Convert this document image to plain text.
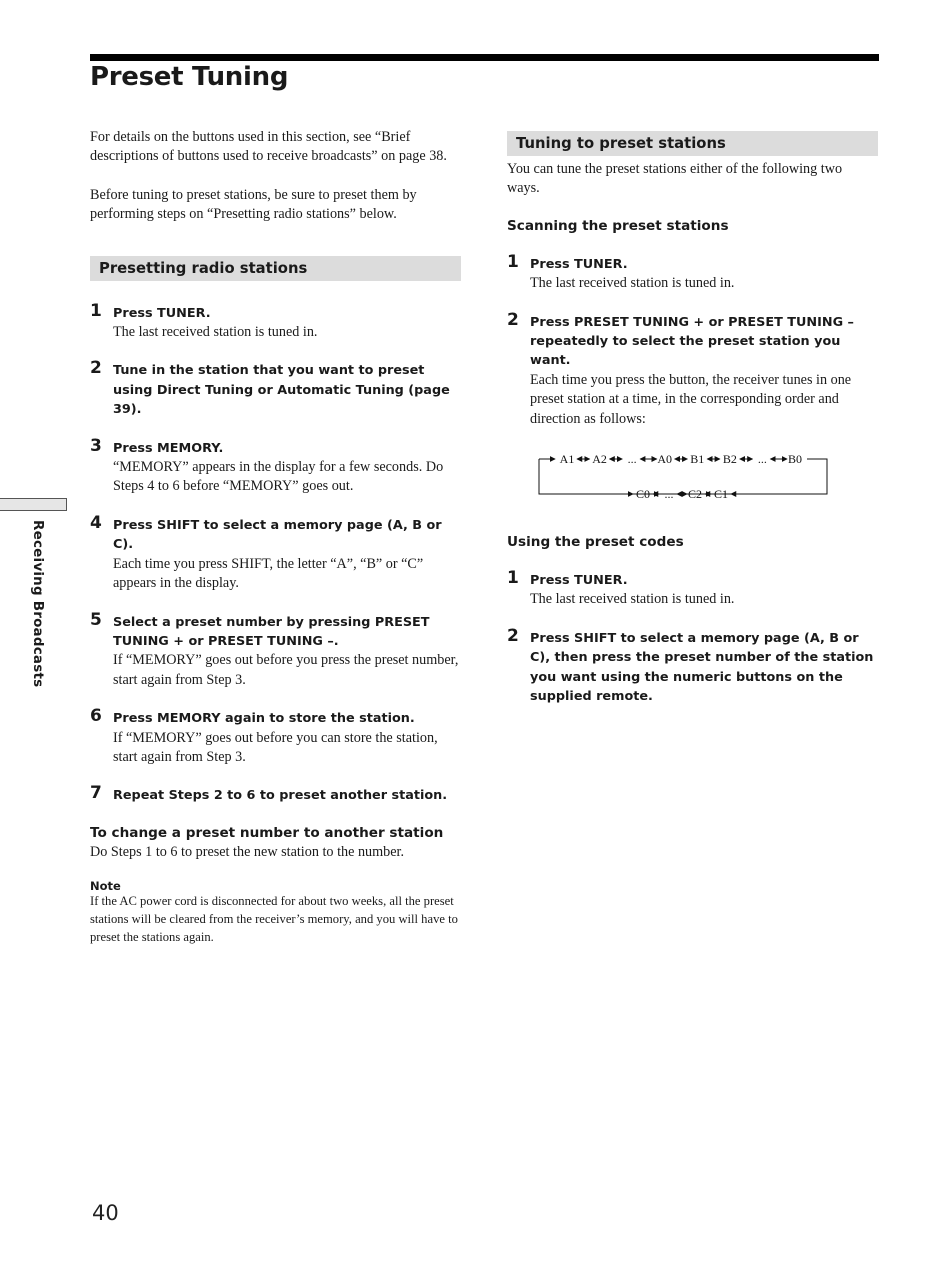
Preset Tuning

For details on the buttons used in this section, see “Brief descriptions of buttons used to receive broadcasts” on page 38.

Before tuning to preset stations, be sure to preset them by performing steps on “Presetting radio stations” below.

Presetting radio stations
1 Press TUNER.
The last received station is tuned in.
2 Tune in the station that you want to preset using Direct Tuning or Automatic Tuning (page 39).
3 Press MEMORY.
“MEMORY” appears in the display for a few seconds. Do Steps 4 to 6 before “MEMORY” goes out.
4 Press SHIFT to select a memory page (A, B or C).
Each time you press SHIFT, the letter “A”, “B” or “C” appears in the display.
5 Select a preset number by pressing PRESET TUNING + or PRESET TUNING –.
If “MEMORY” goes out before you press the preset number, start again from Step 3.
6 Press MEMORY again to store the station.
If “MEMORY” goes out before you can store the station, start again from Step 3.
7 Repeat Steps 2 to 6 to preset another station.
To change a preset number to another station

Do Steps 1 to 6 to preset the new station to the number.

Note
If the AC power cord is disconnected for about two weeks, all the preset stations will be cleared from the receiver’s memory, and you will have to preset the stations again.
Tuning to preset stations

You can tune the preset stations either of the following two ways.

Scanning the preset stations
1 Press TUNER.
The last received station is tuned in.
2 Press PRESET TUNING + or PRESET TUNING – repeatedly to select the preset station you want.
Each time you press the button, the receiver tunes in one preset station at a time, in the corresponding order and direction as follows:
A1 A2 ... A0 B1 B2 ... B0
C0 ... C2 C1
Using the preset codes
1 Press TUNER.
The last received station is tuned in.
2 Press SHIFT to select a memory page (A, B or C), then press the preset number of the station you want using the numeric buttons on the supplied remote.
Receiving Broadcasts
40
